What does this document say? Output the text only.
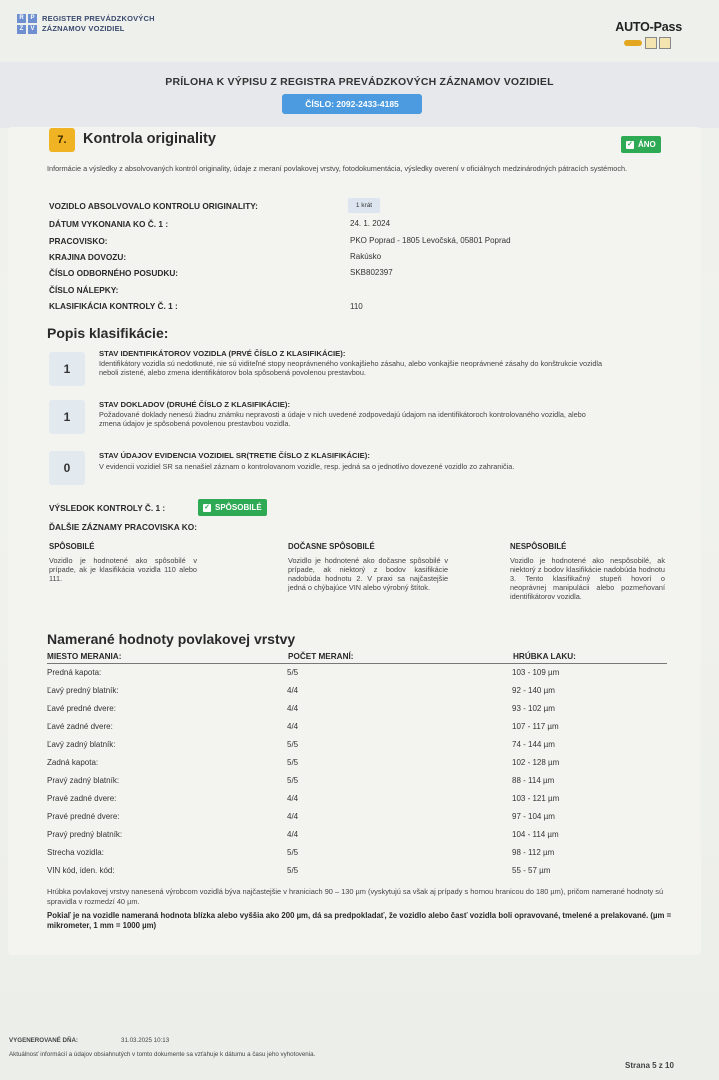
R	P
Z	V
REGISTER PREVÁDZKOVÝCH
ZÁZNAMOV VOZIDIEL	AUTO-Pass
PRÍLOHA K VÝPISU Z REGISTRA PREVÁDZKOVÝCH ZÁZNAMOV VOZIDIEL
ČÍSLO: 2092-2433-4185
7.	Kontrola originality	✓ ÁNO
Informácie a výsledky z absolvovaných kontról originality, údaje z meraní povlakovej vrstvy, fotodokumentácia, výsledky overení v oficiálnych medzinárodných pátracích systémoch.
VOZIDLO ABSOLVOVALO KONTROLU ORIGINALITY:	1 krát
DÁTUM VYKONANIA KO Č. 1 :	24. 1. 2024
PRACOVISKO:	PKO Poprad - 1805 Levočská, 05801 Poprad
KRAJINA DOVOZU:	Rakúsko
ČÍSLO ODBORNÉHO POSUDKU:	SKB802397
ČÍSLO NÁLEPKY:
KLASIFIKÁCIA KONTROLY Č. 1 :	110
Popis klasifikácie:
1
STAV IDENTIFIKÁTOROV VOZIDLA (PRVÉ ČÍSLO Z KLASIFIKÁCIE):
Identifikátory vozidla sú nedotknuté, nie sú viditeľné stopy neoprávneného vonkajšieho zásahu, alebo vonkajšie neoprávnené zásahy do konštrukcie vozidla neboli zistené, alebo zmena identifikátorov bola spôsobená povolenou prestavbou.
1
STAV DOKLADOV (DRUHÉ ČÍSLO Z KLASIFIKÁCIE):
Požadované doklady nenesú žiadnu známku nepravosti a údaje v nich uvedené zodpovedajú údajom na identifikátoroch kontrolovaného vozidla, alebo zmena údajov je spôsobená povolenou prestavbou vozidla.
0
STAV ÚDAJOV EVIDENCIA VOZIDIEL SR(TRETIE ČÍSLO Z KLASIFIKÁCIE):
V evidencii vozidiel SR sa nenašiel záznam o kontrolovanom vozidle, resp. jedná sa o jednotlivo dovezené vozidlo zo zahraničia.
VÝSLEDOK KONTROLY Č. 1 :	✓ SPÔSOBILÉ
ĎALŠIE ZÁZNAMY PRACOVISKA KO:
SPÔSOBILÉ
Vozidlo je hodnotené ako spôsobilé v prípade, ak je klasifikácia vozidla 110 alebo 111.
DOČASNE SPÔSOBILÉ
Vozidlo je hodnotené ako dočasne spôsobilé v prípade, ak niektorý z bodov kasifikácie nadobúda hodnotu 2. V praxi sa najčastejšie jedná o chýbajúce VIN alebo výrobný štítok.
NESPÔSOBILÉ
Vozidlo je hodnotené ako nespôsobilé, ak niektorý z bodov klasifikácie nadobúda hodnotu 3. Tento klasifikačný stupeň hovorí o neoprávnej manipulácii alebo pozmeňovaní identifikátorov vozidla.
Namerané hodnoty povlakovej vrstvy
MIESTO MERANIA:	POČET MERANÍ:	HRÚBKA LAKU:
Predná kapota:	5/5	103 - 109 µm
Ľavý predný blatník:	4/4	92 - 140 µm
Ľavé predné dvere:	4/4	93 - 102 µm
Ľavé zadné dvere:	4/4	107 - 117 µm
Ľavý zadný blatník:	5/5	74 - 144 µm
Zadná kapota:	5/5	102 - 128 µm
Pravý zadný blatník:	5/5	88 - 114 µm
Pravé zadné dvere:	4/4	103 - 121 µm
Pravé predné dvere:	4/4	97 - 104 µm
Pravý predný blatník:	4/4	104 - 114 µm
Strecha vozidla:	5/5	98 - 112 µm
VIN kód, iden. kód:	5/5	55 - 57 µm
Hrúbka povlakovej vrstvy nanesená výrobcom vozidlá býva najčastejšie v hraniciach 90 – 130 µm (vyskytujú sa však aj prípady s hornou hranicou do 180 µm), pričom namerané hodnoty sú spravidla v rozmedzí 40 µm.
Pokiaľ je na vozidle nameraná hodnota blízka alebo vyššia ako 200 µm, dá sa predpokladať, že vozidlo alebo časť vozidla boli opravované, tmelené a prelakované. (µm = mikrometer, 1 mm = 1000 µm)
VYGENEROVANÉ DŇA:	31.03.2025 10:13
Aktuálnosť informácií a údajov obsiahnutých v tomto dokumente sa vzťahuje k dátumu a času jeho vyhotovenia.
Strana 5 z 10
